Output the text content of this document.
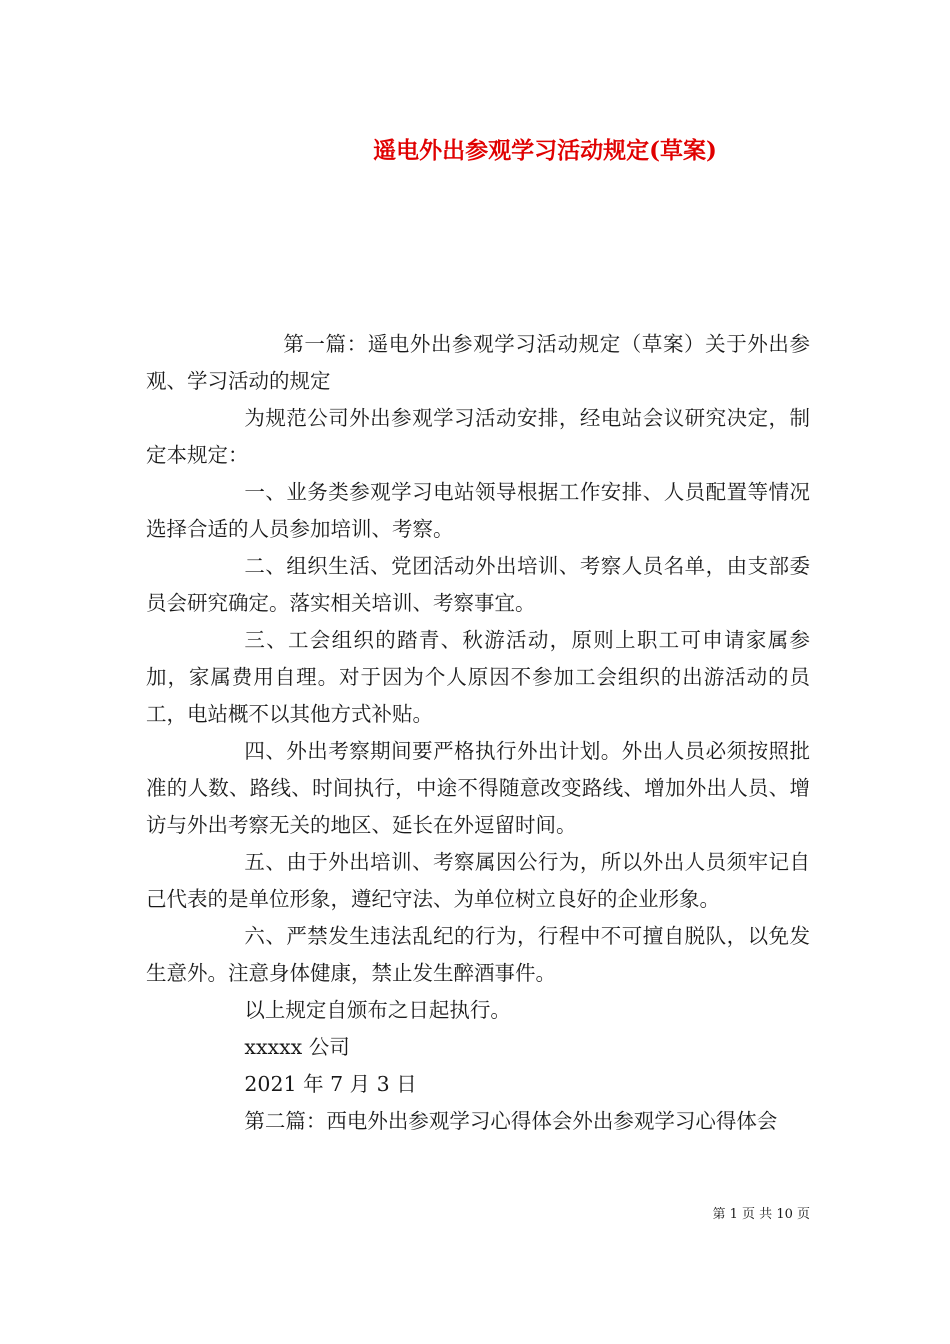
遥电外出参观学习活动规定(草案)

第一篇：遥电外出参观学习活动规定（草案）关于外出参观、学习活动的规定

为规范公司外出参观学习活动安排，经电站会议研究决定，制定本规定：

一、业务类参观学习电站领导根据工作安排、人员配置等情况选择合适的人员参加培训、考察。

二、组织生活、党团活动外出培训、考察人员名单，由支部委员会研究确定。落实相关培训、考察事宜。

三、工会组织的踏青、秋游活动，原则上职工可申请家属参加，家属费用自理。对于因为个人原因不参加工会组织的出游活动的员工，电站概不以其他方式补贴。

四、外出考察期间要严格执行外出计划。外出人员必须按照批准的人数、路线、时间执行，中途不得随意改变路线、增加外出人员、增访与外出考察无关的地区、延长在外逗留时间。

五、由于外出培训、考察属因公行为，所以外出人员须牢记自己代表的是单位形象，遵纪守法、为单位树立良好的企业形象。

六、严禁发生违法乱纪的行为，行程中不可擅自脱队，以免发生意外。注意身体健康，禁止发生醉酒事件。

以上规定自颁布之日起执行。

xxxxx 公司

2021 年 7 月 3 日

第二篇：西电外出参观学习心得体会外出参观学习心得体会

第 1 页 共 10 页
